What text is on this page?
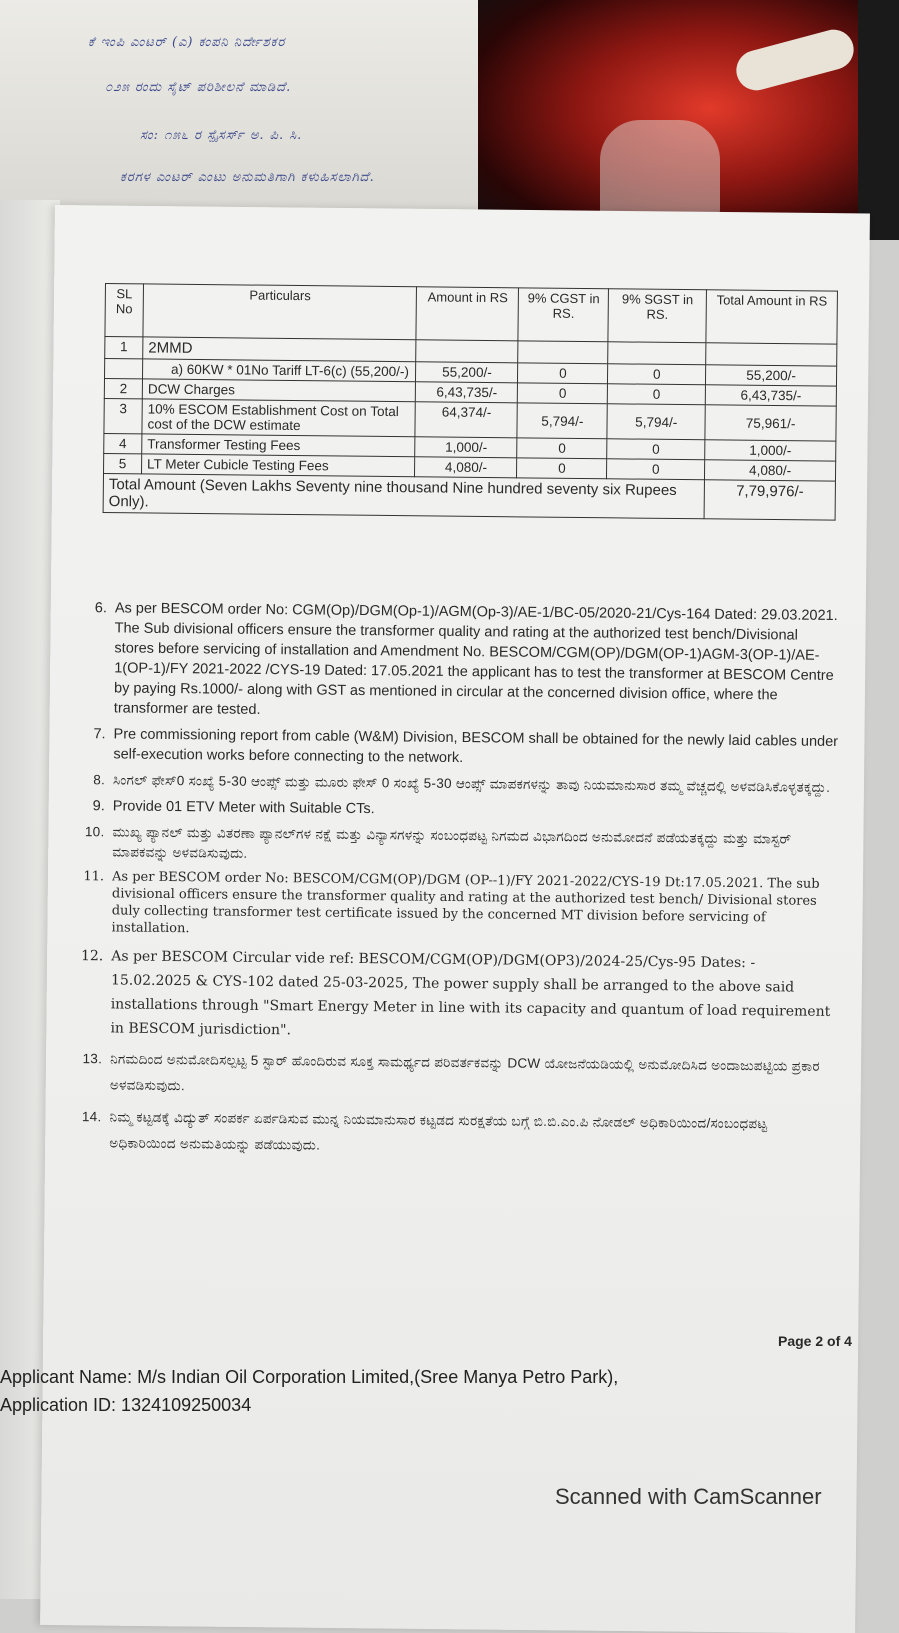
ಕೆ ಇಂಪಿ ಎಂಟರ್ (ಎ) ಕಂಪನಿ ನಿರ್ದೇಶಕರ
೦೨೫ ರಂದು ಸೈಟ್ ಪರಿಶೀಲನೆ ಮಾಡಿದೆ.
ಸಂ: ೧೫೬ ರ ಸ್ಪೈಸರ್ಸ್ ಅ. ಪಿ. ಸಿ.
ಕರಗಳ ಎಂಟರ್ ಎಂಟು ಅನುಮತಿಗಾಗಿ ಕಳುಹಿಸಲಾಗಿದೆ.
SL No	Particulars	Amount in RS	9% CGST in RS.	9% SGST in RS.	Total Amount in RS
1	2MMD				
	a) 60KW * 01No Tariff LT-6(c) (55,200/-)	55,200/-	0	0	55,200/-
2	DCW Charges	6,43,735/-	0	0	6,43,735/-
3	10% ESCOM Establishment Cost on Total cost of the DCW estimate	64,374/-	5,794/-	5,794/-	75,961/-
4	Transformer Testing Fees	1,000/-	0	0	1,000/-
5	LT Meter Cubicle Testing Fees	4,080/-	0	0	4,080/-
Total Amount (Seven Lakhs Seventy nine thousand Nine hundred seventy six Rupees Only).					7,79,976/-
6. As per BESCOM order No: CGM(Op)/DGM(Op-1)/AGM(Op-3)/AE-1/BC-05/2020-21/Cys-164 Dated: 29.03.2021. The Sub divisional officers ensure the transformer quality and rating at the authorized test bench/Divisional stores before servicing of installation and Amendment No. BESCOM/CGM(OP)/DGM(OP-1)AGM-3(OP-1)/AE-1(OP-1)/FY 2021-2022 /CYS-19 Dated: 17.05.2021 the applicant has to test the transformer at BESCOM Centre by paying Rs.1000/- along with GST as mentioned in circular at the concerned division office, where the transformer are tested.
7. Pre commissioning report from cable (W&M) Division, BESCOM shall be obtained for the newly laid cables under self-execution works before connecting to the network.
8. ಸಿಂಗಲ್ ಫೇಸ್0 ಸಂಖ್ಯೆ 5-30 ಆಂಪ್ಸ್ ಮತ್ತು ಮೂರು ಫೇಸ್ 0 ಸಂಖ್ಯೆ 5-30 ಆಂಪ್ಸ್ ಮಾಪಕಗಳನ್ನು ತಾವು ನಿಯಮಾನುಸಾರ ತಮ್ಮ ವೆಚ್ಚದಲ್ಲಿ ಅಳವಡಿಸಿಕೊಳ್ಳತಕ್ಕದ್ದು.
9. Provide 01 ETV Meter with Suitable CTs.
10. ಮುಖ್ಯ ಪ್ಯಾನಲ್ ಮತ್ತು ವಿತರಣಾ ಪ್ಯಾನಲ್‌ಗಳ ನಕ್ಷೆ ಮತ್ತು ವಿನ್ಯಾಸಗಳನ್ನು ಸಂಬಂಧಪಟ್ಟ ನಿಗಮದ ವಿಭಾಗದಿಂದ ಅನುಮೋದನೆ ಪಡೆಯತಕ್ಕದ್ದು ಮತ್ತು ಮಾಸ್ಟರ್ ಮಾಪಕವನ್ನು ಅಳವಡಿಸುವುದು.
11. As per BESCOM order No: BESCOM/CGM(OP)/DGM (OP--1)/FY 2021-2022/CYS-19 Dt:17.05.2021. The sub divisional officers ensure the transformer quality and rating at the authorized test bench/ Divisional stores duly collecting transformer test certificate issued by the concerned MT division before servicing of installation.
12. As per BESCOM Circular vide ref: BESCOM/CGM(OP)/DGM(OP3)/2024-25/Cys-95 Dates: - 15.02.2025 & CYS-102 dated 25-03-2025, The power supply shall be arranged to the above said installations through "Smart Energy Meter in line with its capacity and quantum of load requirement in BESCOM jurisdiction".
13. ನಿಗಮದಿಂದ ಅನುಮೋದಿಸಲ್ಪಟ್ಟ 5 ಸ್ಟಾರ್ ಹೊಂದಿರುವ ಸೂಕ್ತ ಸಾಮರ್ಥ್ಯದ ಪರಿವರ್ತಕವನ್ನು DCW ಯೋಜನೆಯಡಿಯಲ್ಲಿ ಅನುಮೋದಿಸಿದ ಅಂದಾಜುಪಟ್ಟಿಯ ಪ್ರಕಾರ ಅಳವಡಿಸುವುದು.
14. ನಿಮ್ಮ ಕಟ್ಟಡಕ್ಕೆ ವಿದ್ಯುತ್ ಸಂಪರ್ಕ ಏರ್ಪಡಿಸುವ ಮುನ್ನ ನಿಯಮಾನುಸಾರ ಕಟ್ಟಡದ ಸುರಕ್ಷತೆಯ ಬಗ್ಗೆ ಬಿ.ಬಿ.ಎಂ.ಪಿ ನೋಡಲ್ ಅಧಿಕಾರಿಯಿಂದ/ಸಂಬಂಧಪಟ್ಟ ಅಧಿಕಾರಿಯಿಂದ ಅನುಮತಿಯನ್ನು ಪಡೆಯುವುದು.
Page 2 of 4
Applicant Name: M/s Indian Oil Corporation Limited,(Sree Manya Petro Park),
Application ID: 1324109250034
Scanned with CamScanner
